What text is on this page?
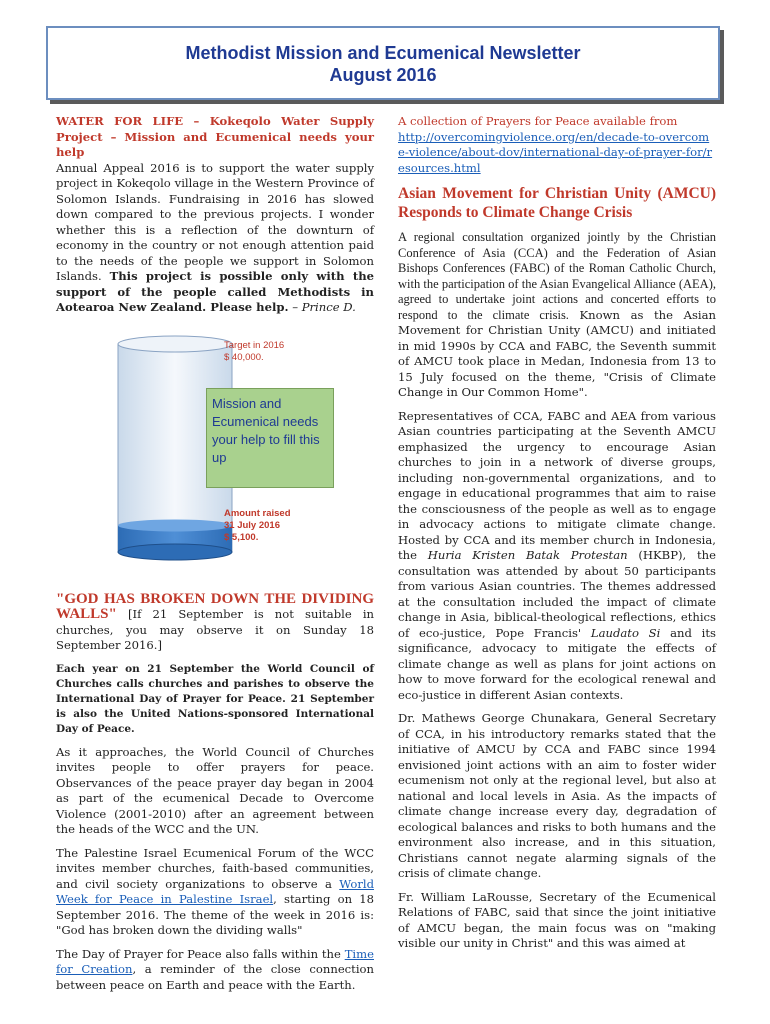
Methodist Mission and Ecumenical Newsletter
August 2016

WATER FOR LIFE – Kokeqolo Water Supply Project – Mission and Ecumenical needs your help

Annual Appeal 2016 is to support the water supply project in Kokeqolo village in the Western Province of Solomon Islands. Fundraising in 2016 has slowed down compared to the previous projects. I wonder whether this is a reflection of the downturn of economy in the country or not enough attention paid to the needs of the people we support in Solomon Islands. This project is possible only with the support of the people called Methodists in Aotearoa New Zealand. Please help. – Prince D.

Target in 2016
$ 40,000.
Mission and Ecumenical needs your help to fill this up
Amount raised
31 July 2016
$ 5,100.

"GOD HAS BROKEN DOWN THE DIVIDING WALLS" [If 21 September is not suitable in churches, you may observe it on Sunday 18 September 2016.]

Each year on 21 September the World Council of Churches calls churches and parishes to observe the International Day of Prayer for Peace. 21 September is also the United Nations-sponsored International Day of Peace.

As it approaches, the World Council of Churches invites people to offer prayers for peace. Observances of the peace prayer day began in 2004 as part of the ecumenical Decade to Overcome Violence (2001-2010) after an agreement between the heads of the WCC and the UN.

The Palestine Israel Ecumenical Forum of the WCC invites member churches, faith-based communities, and civil society organizations to observe a World Week for Peace in Palestine Israel, starting on 18 September 2016. The theme of the week in 2016 is: "God has broken down the dividing walls"

The Day of Prayer for Peace also falls within the Time for Creation, a reminder of the close connection between peace on Earth and peace with the Earth.

A collection of Prayers for Peace available from
http://overcomingviolence.org/en/decade-to-overcome-violence/about-dov/international-day-of-prayer-for/resources.html

Asian Movement for Christian Unity (AMCU) Responds to Climate Change Crisis

A regional consultation organized jointly by the Christian Conference of Asia (CCA) and the Federation of Asian Bishops Conferences (FABC) of the Roman Catholic Church, with the participation of the Asian Evangelical Alliance (AEA), agreed to undertake joint actions and concerted efforts to respond to the climate crisis. Known as the Asian Movement for Christian Unity (AMCU) and initiated in mid 1990s by CCA and FABC, the Seventh summit of AMCU took place in Medan, Indonesia from 13 to 15 July focused on the theme, "Crisis of Climate Change in Our Common Home".

Representatives of CCA, FABC and AEA from various Asian countries participating at the Seventh AMCU emphasized the urgency to encourage Asian churches to join in a network of diverse groups, including non-governmental organizations, and to engage in educational programmes that aim to raise the consciousness of the people as well as to engage in advocacy actions to mitigate climate change. Hosted by CCA and its member church in Indonesia, the Huria Kristen Batak Protestan (HKBP), the consultation was attended by about 50 participants from various Asian countries. The themes addressed at the consultation included the impact of climate change in Asia, biblical-theological reflections, ethics of eco-justice, Pope Francis' Laudato Si and its significance, advocacy to mitigate the effects of climate change as well as plans for joint actions on how to move forward for the ecological renewal and eco-justice in different Asian contexts.

Dr. Mathews George Chunakara, General Secretary of CCA, in his introductory remarks stated that the initiative of AMCU by CCA and FABC since 1994 envisioned joint actions with an aim to foster wider ecumenism not only at the regional level, but also at national and local levels in Asia. As the impacts of climate change increase every day, degradation of ecological balances and risks to both humans and the environment also increase, and in this situation, Christians cannot negate alarming signals of the crisis of climate change.

Fr. William LaRousse, Secretary of the Ecumenical Relations of FABC, said that since the joint initiative of AMCU began, the main focus was on "making visible our unity in Christ" and this was aimed at
